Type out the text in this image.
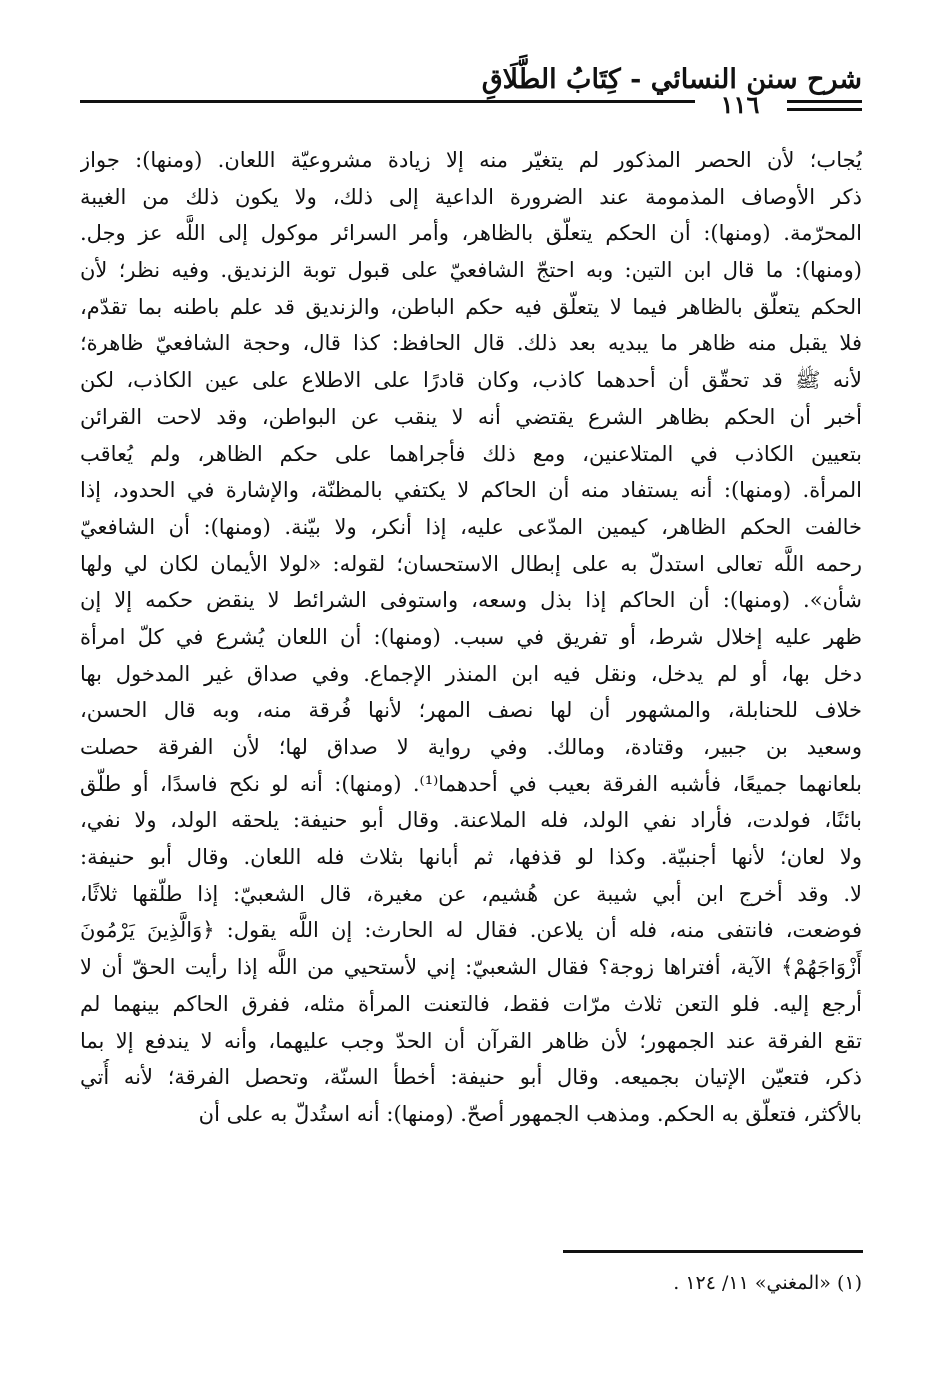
شرح سنن النسائي - كِتَابُ الطَّلَاقِ
١١٦
يُجاب؛ لأن الحصر المذكور لم يتغيّر منه إلا زيادة مشروعيّة اللعان. (ومنها): جواز
ذكر الأوصاف المذمومة عند الضرورة الداعية إلى ذلك، ولا يكون ذلك من الغيبة
المحرّمة. (ومنها): أن الحكم يتعلّق بالظاهر، وأمر السرائر موكول إلى اللَّه عز وجل.
(ومنها): ما قال ابن التين: وبه احتجّ الشافعيّ على قبول توبة الزنديق. وفيه نظر؛ لأن
الحكم يتعلّق بالظاهر فيما لا يتعلّق فيه حكم الباطن، والزنديق قد علم باطنه بما تقدّم،
فلا يقبل منه ظاهر ما يبديه بعد ذلك. قال الحافظ: كذا قال، وحجة الشافعيّ ظاهرة؛
لأنه ﷺ قد تحقّق أن أحدهما كاذب، وكان قادرًا على الاطلاع على عين الكاذب، لكن
أخبر أن الحكم بظاهر الشرع يقتضي أنه لا ينقب عن البواطن، وقد لاحت القرائن
بتعيين الكاذب في المتلاعنين، ومع ذلك فأجراهما على حكم الظاهر، ولم يُعاقب
المرأة. (ومنها): أنه يستفاد منه أن الحاكم لا يكتفي بالمظنّة، والإشارة في الحدود، إذا
خالفت الحكم الظاهر، كيمين المدّعى عليه، إذا أنكر، ولا بيّنة. (ومنها): أن الشافعيّ
رحمه اللَّه تعالى استدلّ به على إبطال الاستحسان؛ لقوله: «لولا الأيمان لكان لي ولها
شأن». (ومنها): أن الحاكم إذا بذل وسعه، واستوفى الشرائط لا ينقض حكمه إلا إن
ظهر عليه إخلال شرط، أو تفريق في سبب. (ومنها): أن اللعان يُشرع في كلّ امرأة
دخل بها، أو لم يدخل، ونقل فيه ابن المنذر الإجماع. وفي صداق غير المدخول بها
خلاف للحنابلة، والمشهور أن لها نصف المهر؛ لأنها فُرقة منه، وبه قال الحسن،
وسعيد بن جبير، وقتادة، ومالك. وفي رواية لا صداق لها؛ لأن الفرقة حصلت
بلعانهما جميعًا، فأشبه الفرقة بعيب في أحدهما⁽¹⁾. (ومنها): أنه لو نكح فاسدًا، أو طلّق
بائنًا، فولدت، فأراد نفي الولد، فله الملاعنة. وقال أبو حنيفة: يلحقه الولد، ولا نفي،
ولا لعان؛ لأنها أجنبيّة. وكذا لو قذفها، ثم أبانها بثلاث فله اللعان. وقال أبو حنيفة:
لا. وقد أخرج ابن أبي شيبة عن هُشيم، عن مغيرة، قال الشعبيّ: إذا طلّقها ثلاثًا،
فوضعت، فانتفى منه، فله أن يلاعن. فقال له الحارث: إن اللَّه يقول: ﴿وَالَّذِينَ يَرْمُونَ
أَزْوَاجَهُمْ﴾ الآية، أفتراها زوجة؟ فقال الشعبيّ: إني لأستحيي من اللَّه إذا رأيت الحقّ أن لا
أرجع إليه. فلو التعن ثلاث مرّات فقط، فالتعنت المرأة مثله، ففرق الحاكم بينهما لم
تقع الفرقة عند الجمهور؛ لأن ظاهر القرآن أن الحدّ وجب عليهما، وأنه لا يندفع إلا بما
ذكر، فتعيّن الإتيان بجميعه. وقال أبو حنيفة: أخطأ السنّة، وتحصل الفرقة؛ لأنه أُتي
بالأكثر، فتعلّق به الحكم. ومذهب الجمهور أصحّ. (ومنها): أنه استُدلّ به على أن
(١) «المغني» ١١/ ١٢٤ .
